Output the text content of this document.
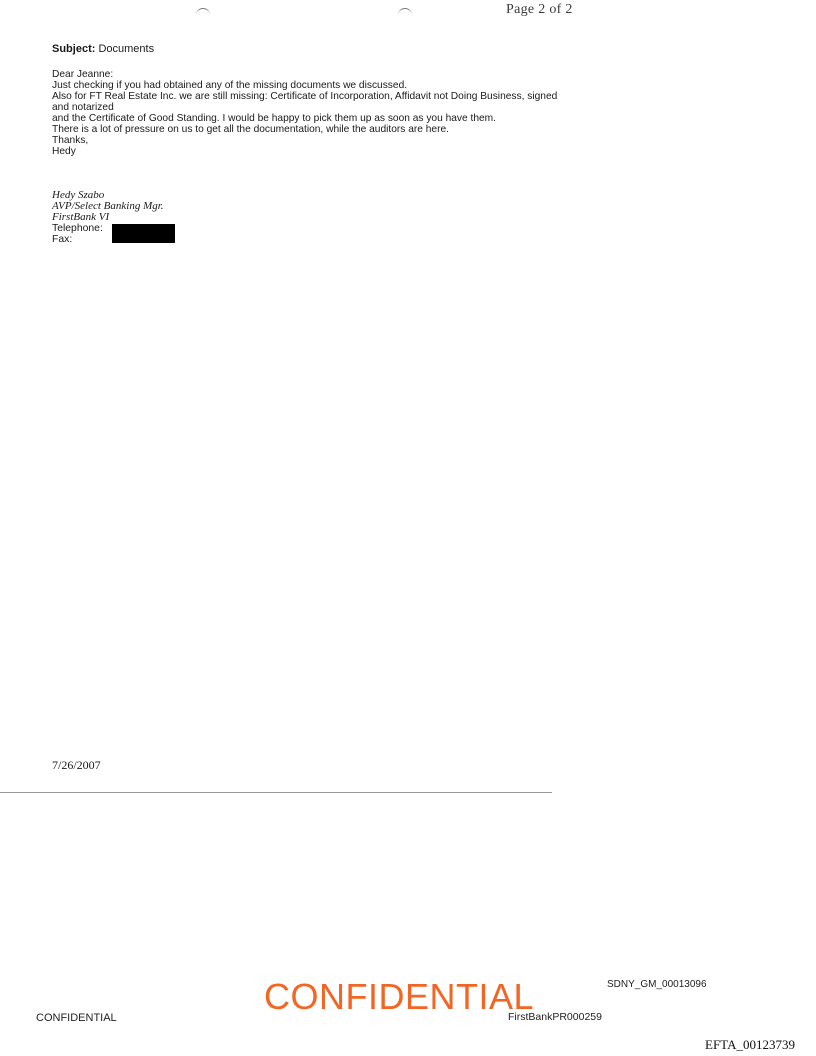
Page 2 of 2
Subject: Documents
Dear Jeanne:
Just checking if you had obtained any of the missing documents we discussed.
Also for FT Real Estate Inc. we are still missing: Certificate of Incorporation, Affidavit not Doing Business, signed
and notarized
and the Certificate of Good Standing. I would be happy to pick them up as soon as you have them.
There is a lot of pressure on us to get all the documentation, while the auditors are here.
Thanks,
Hedy
Hedy Szabo
AVP/Select Banking Mgr.
FirstBank VI
Telephone:
Fax:
7/26/2007
CONFIDENTIAL
CONFIDENTIAL
SDNY_GM_00013096
FirstBankPR000259
EFTA_00123739
